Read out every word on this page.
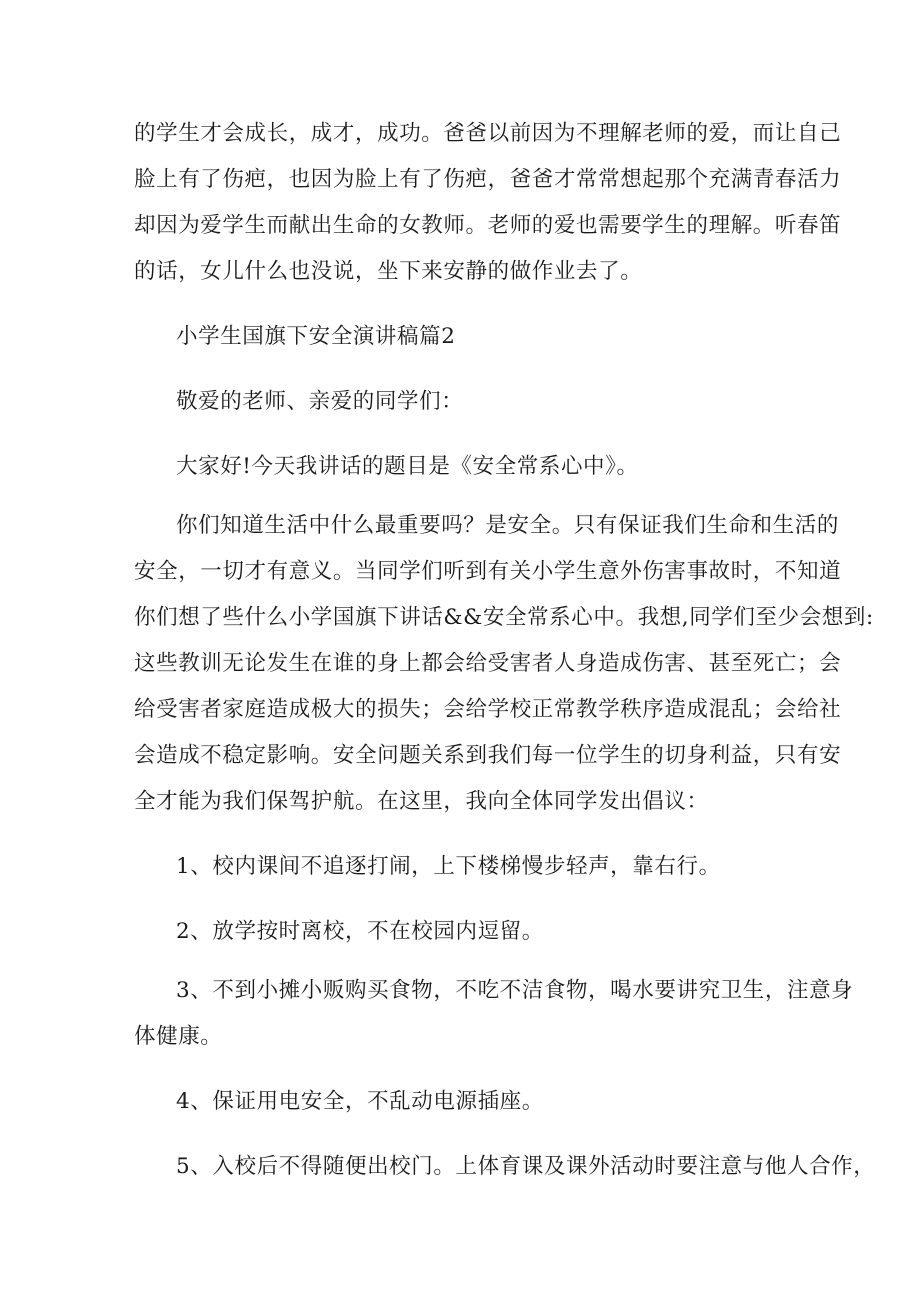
的学生才会成长，成才，成功。爸爸以前因为不理解老师的爱，而让自己
脸上有了伤疤，也因为脸上有了伤疤，爸爸才常常想起那个充满青春活力
却因为爱学生而献出生命的女教师。老师的爱也需要学生的理解。听春笛
的话，女儿什么也没说，坐下来安静的做作业去了。
小学生国旗下安全演讲稿篇2
敬爱的老师、亲爱的同学们：
大家好!今天我讲话的题目是《安全常系心中》。
你们知道生活中什么最重要吗？是安全。只有保证我们生命和生活的
安全，一切才有意义。当同学们听到有关小学生意外伤害事故时，不知道
你们想了些什么小学国旗下讲话&&安全常系心中。我想,同学们至少会想到:
这些教训无论发生在谁的身上都会给受害者人身造成伤害、甚至死亡；会
给受害者家庭造成极大的损失；会给学校正常教学秩序造成混乱；会给社
会造成不稳定影响。安全问题关系到我们每一位学生的切身利益，只有安
全才能为我们保驾护航。在这里，我向全体同学发出倡议：
1、校内课间不追逐打闹，上下楼梯慢步轻声，靠右行。
2、放学按时离校，不在校园内逗留。
3、不到小摊小贩购买食物，不吃不洁食物，喝水要讲究卫生，注意身
体健康。
4、保证用电安全，不乱动电源插座。
5、入校后不得随便出校门。上体育课及课外活动时要注意与他人合作，
